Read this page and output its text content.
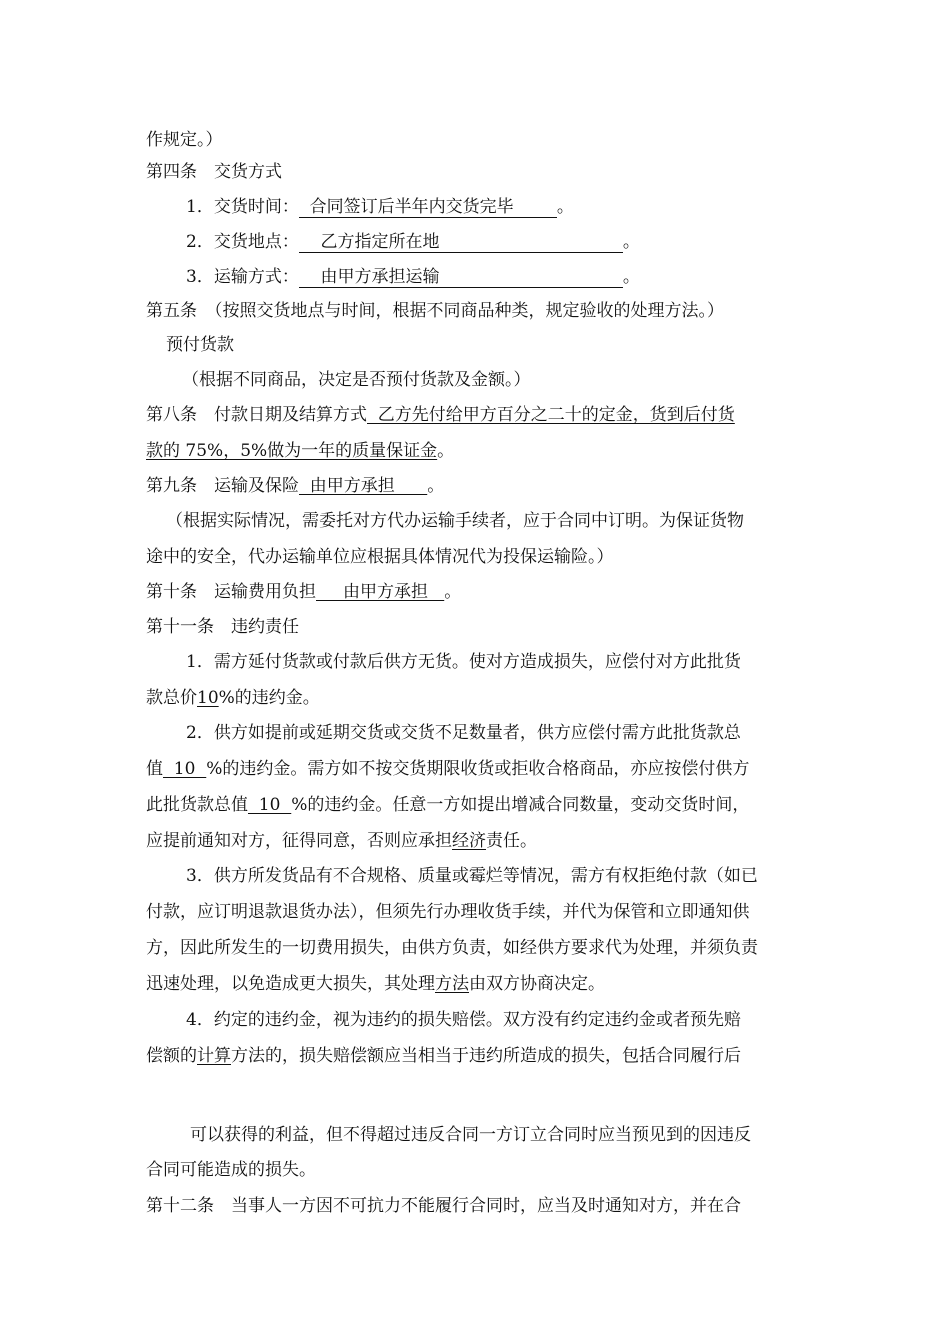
作规定。）
第四条　交货方式
1．交货时间：  合同签订后半年内交货完毕  。
2．交货地点：    乙方指定所在地	。
3．运输方式：    由甲方承担运输	。
第五条　（按照交货地点与时间，根据不同商品种类，规定验收的处理方法。）
预付货款
（根据不同商品，决定是否预付货款及金额。）
第八条　付款日期及结算方式  乙方先付给甲方百分之二十的定金，货到后付货
款的 75%，5%做为一年的质量保证金。
第九条　运输及保险  由甲方承担      。
（根据实际情况，需委托对方代办运输手续者，应于合同中订明。为保证货物
途中的安全，代办运输单位应根据具体情况代为投保运输险。）
第十条　运输费用负担     由甲方承担   。
第十一条　违约责任
1．需方延付货款或付款后供方无货。使对方造成损失，应偿付对方此批货
款总价10%的违约金。
2．供方如提前或延期交货或交货不足数量者，供方应偿付需方此批货款总
值  10  %的违约金。需方如不按交货期限收货或拒收合格商品，亦应按偿付供方
此批货款总值  10  %的违约金。任意一方如提出增减合同数量，变动交货时间，
应提前通知对方，征得同意，否则应承担经济责任。
3．供方所发货品有不合规格、质量或霉烂等情况，需方有权拒绝付款（如已
付款，应订明退款退货办法），但须先行办理收货手续，并代为保管和立即通知供
方，因此所发生的一切费用损失，由供方负责，如经供方要求代为处理，并须负责
迅速处理，以免造成更大损失，其处理方法由双方协商决定。
4．约定的违约金，视为违约的损失赔偿。双方没有约定违约金或者预先赔
偿额的计算方法的，损失赔偿额应当相当于违约所造成的损失，包括合同履行后
可以获得的利益，但不得超过违反合同一方订立合同时应当预见到的因违反
合同可能造成的损失。
第十二条　当事人一方因不可抗力不能履行合同时，应当及时通知对方，并在合
